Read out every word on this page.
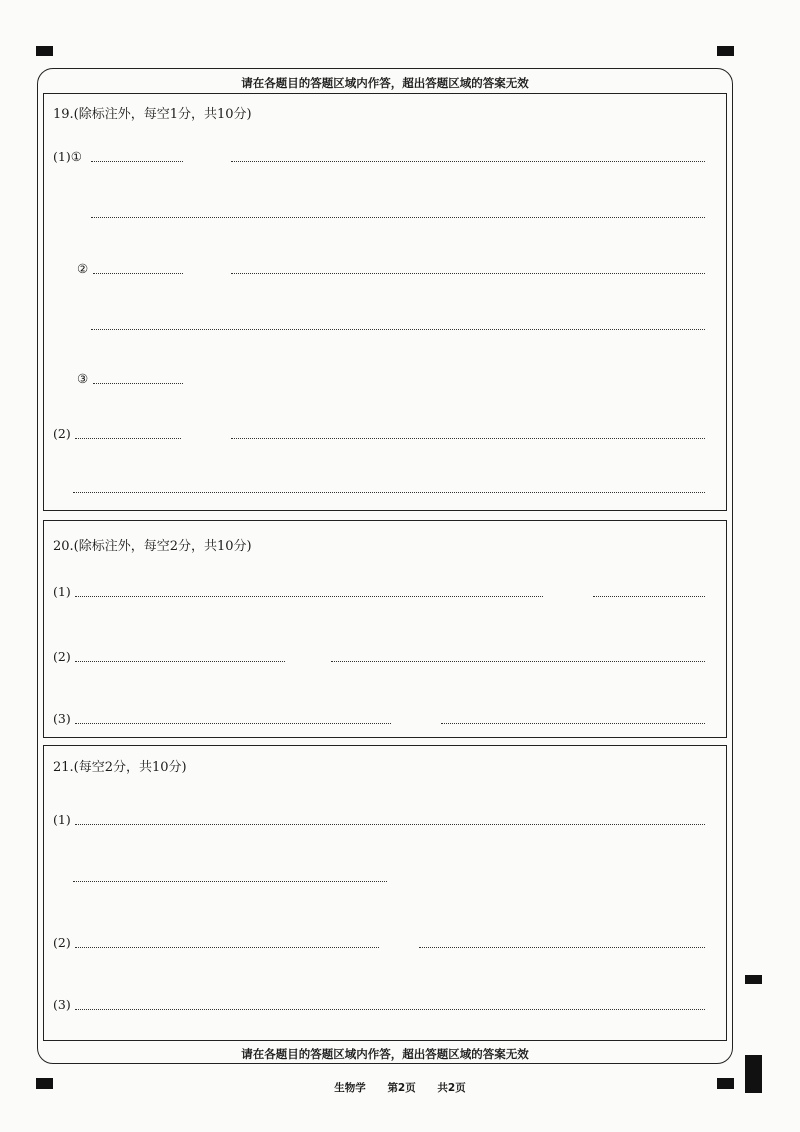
请在各题目的答题区域内作答，超出答题区域的答案无效
19.(除标注外，每空1分，共10分)
(1)①
②
③
(2)
20.(除标注外，每空2分，共10分)
(1)
(2)
(3)
21.(每空2分，共10分)
(1)
(2)
(3)
请在各题目的答题区域内作答，超出答题区域的答案无效
生物学 第2页 共2页
